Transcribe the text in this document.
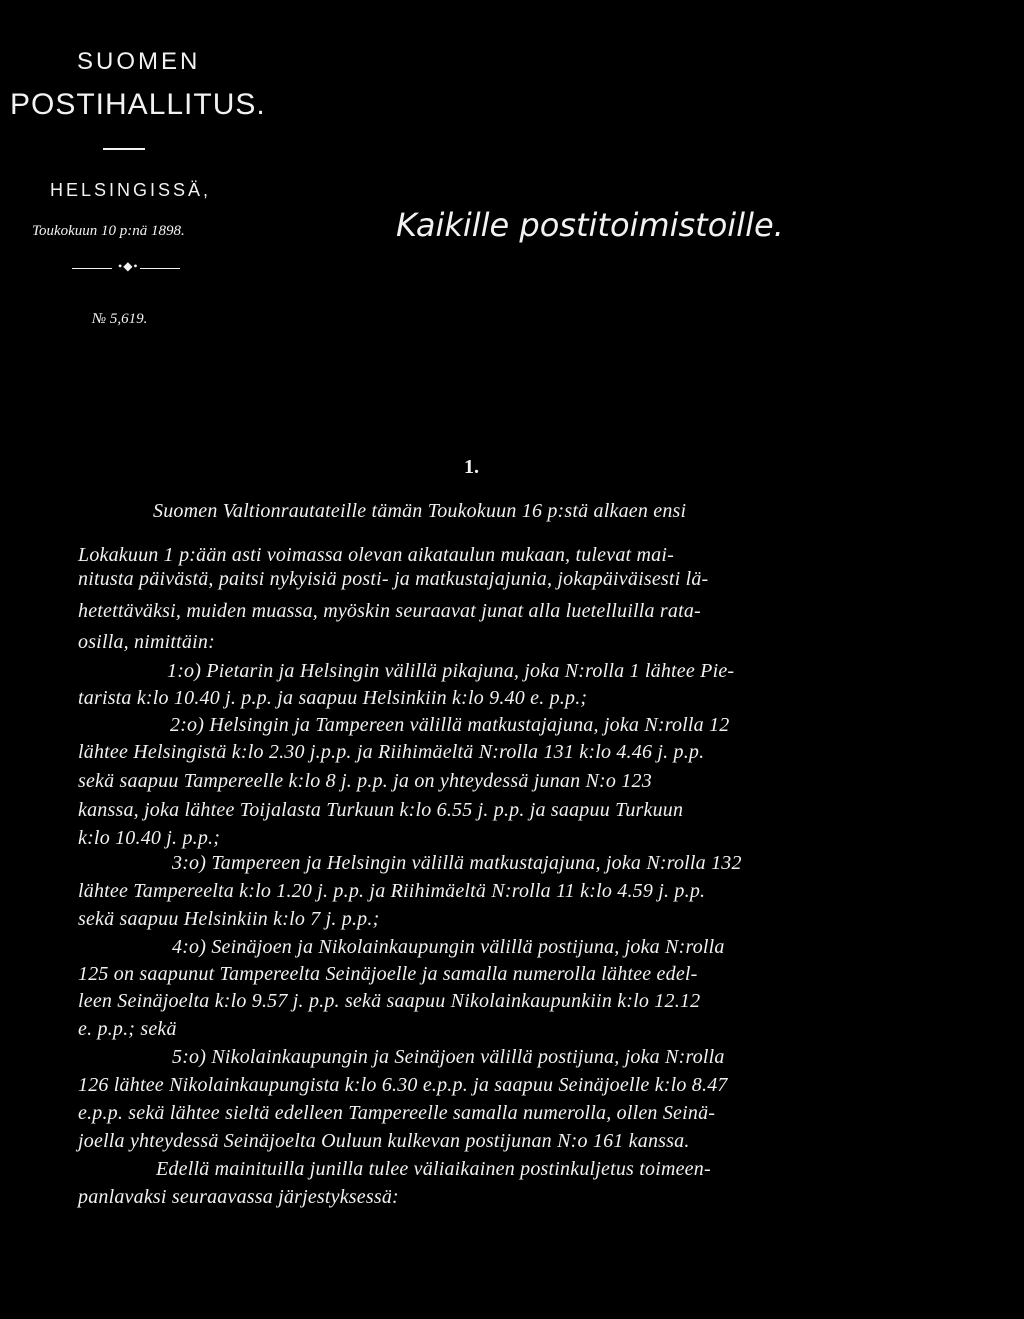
SUOMEN
POSTIHALLITUS.
HELSINGISSÄ,
Toukokuun 10 p:nä 1898.	Kaikille postitoimistoille.
•◆•
№ 5,619.
1.
Suomen Valtionrautateille tämän Toukokuun 16 p:stä alkaen ensi
Lokakuun 1 p:ään asti voimassa olevan aikataulun mukaan, tulevat mai-
nitusta päivästä, paitsi nykyisiä posti- ja matkustajajunia, jokapäiväisesti lä-
hetettäväksi, muiden muassa, myöskin seuraavat junat alla luetelluilla rata-
osilla, nimittäin:
1:o) Pietarin ja Helsingin välillä pikajuna, joka N:rolla 1 lähtee Pie-
tarista k:lo 10.40 j. p.p. ja saapuu Helsinkiin k:lo 9.40 e. p.p.;
2:o) Helsingin ja Tampereen välillä matkustajajuna, joka N:rolla 12
lähtee Helsingistä k:lo 2.30 j.p.p. ja Riihimäeltä N:rolla 131 k:lo 4.46 j. p.p.
sekä saapuu Tampereelle k:lo 8 j. p.p. ja on yhteydessä junan N:o 123
kanssa, joka lähtee Toijalasta Turkuun k:lo 6.55 j. p.p. ja saapuu Turkuun
k:lo 10.40 j. p.p.;
3:o) Tampereen ja Helsingin välillä matkustajajuna, joka N:rolla 132
lähtee Tampereelta k:lo 1.20 j. p.p. ja Riihimäeltä N:rolla 11 k:lo 4.59 j. p.p.
sekä saapuu Helsinkiin k:lo 7 j. p.p.;
4:o) Seinäjoen ja Nikolainkaupungin välillä postijuna, joka N:rolla
125 on saapunut Tampereelta Seinäjoelle ja samalla numerolla lähtee edel-
leen Seinäjoelta k:lo 9.57 j. p.p. sekä saapuu Nikolainkaupunkiin k:lo 12.12
e. p.p.; sekä
5:o) Nikolainkaupungin ja Seinäjoen välillä postijuna, joka N:rolla
126 lähtee Nikolainkaupungista k:lo 6.30 e.p.p. ja saapuu Seinäjoelle k:lo 8.47
e.p.p. sekä lähtee sieltä edelleen Tampereelle samalla numerolla, ollen Seinä-
joella yhteydessä Seinäjoelta Ouluun kulkevan postijunan N:o 161 kanssa.
Edellä mainituilla junilla tulee väliaikainen postinkuljetus toimeen-
panlavaksi seuraavassa järjestyksessä:
